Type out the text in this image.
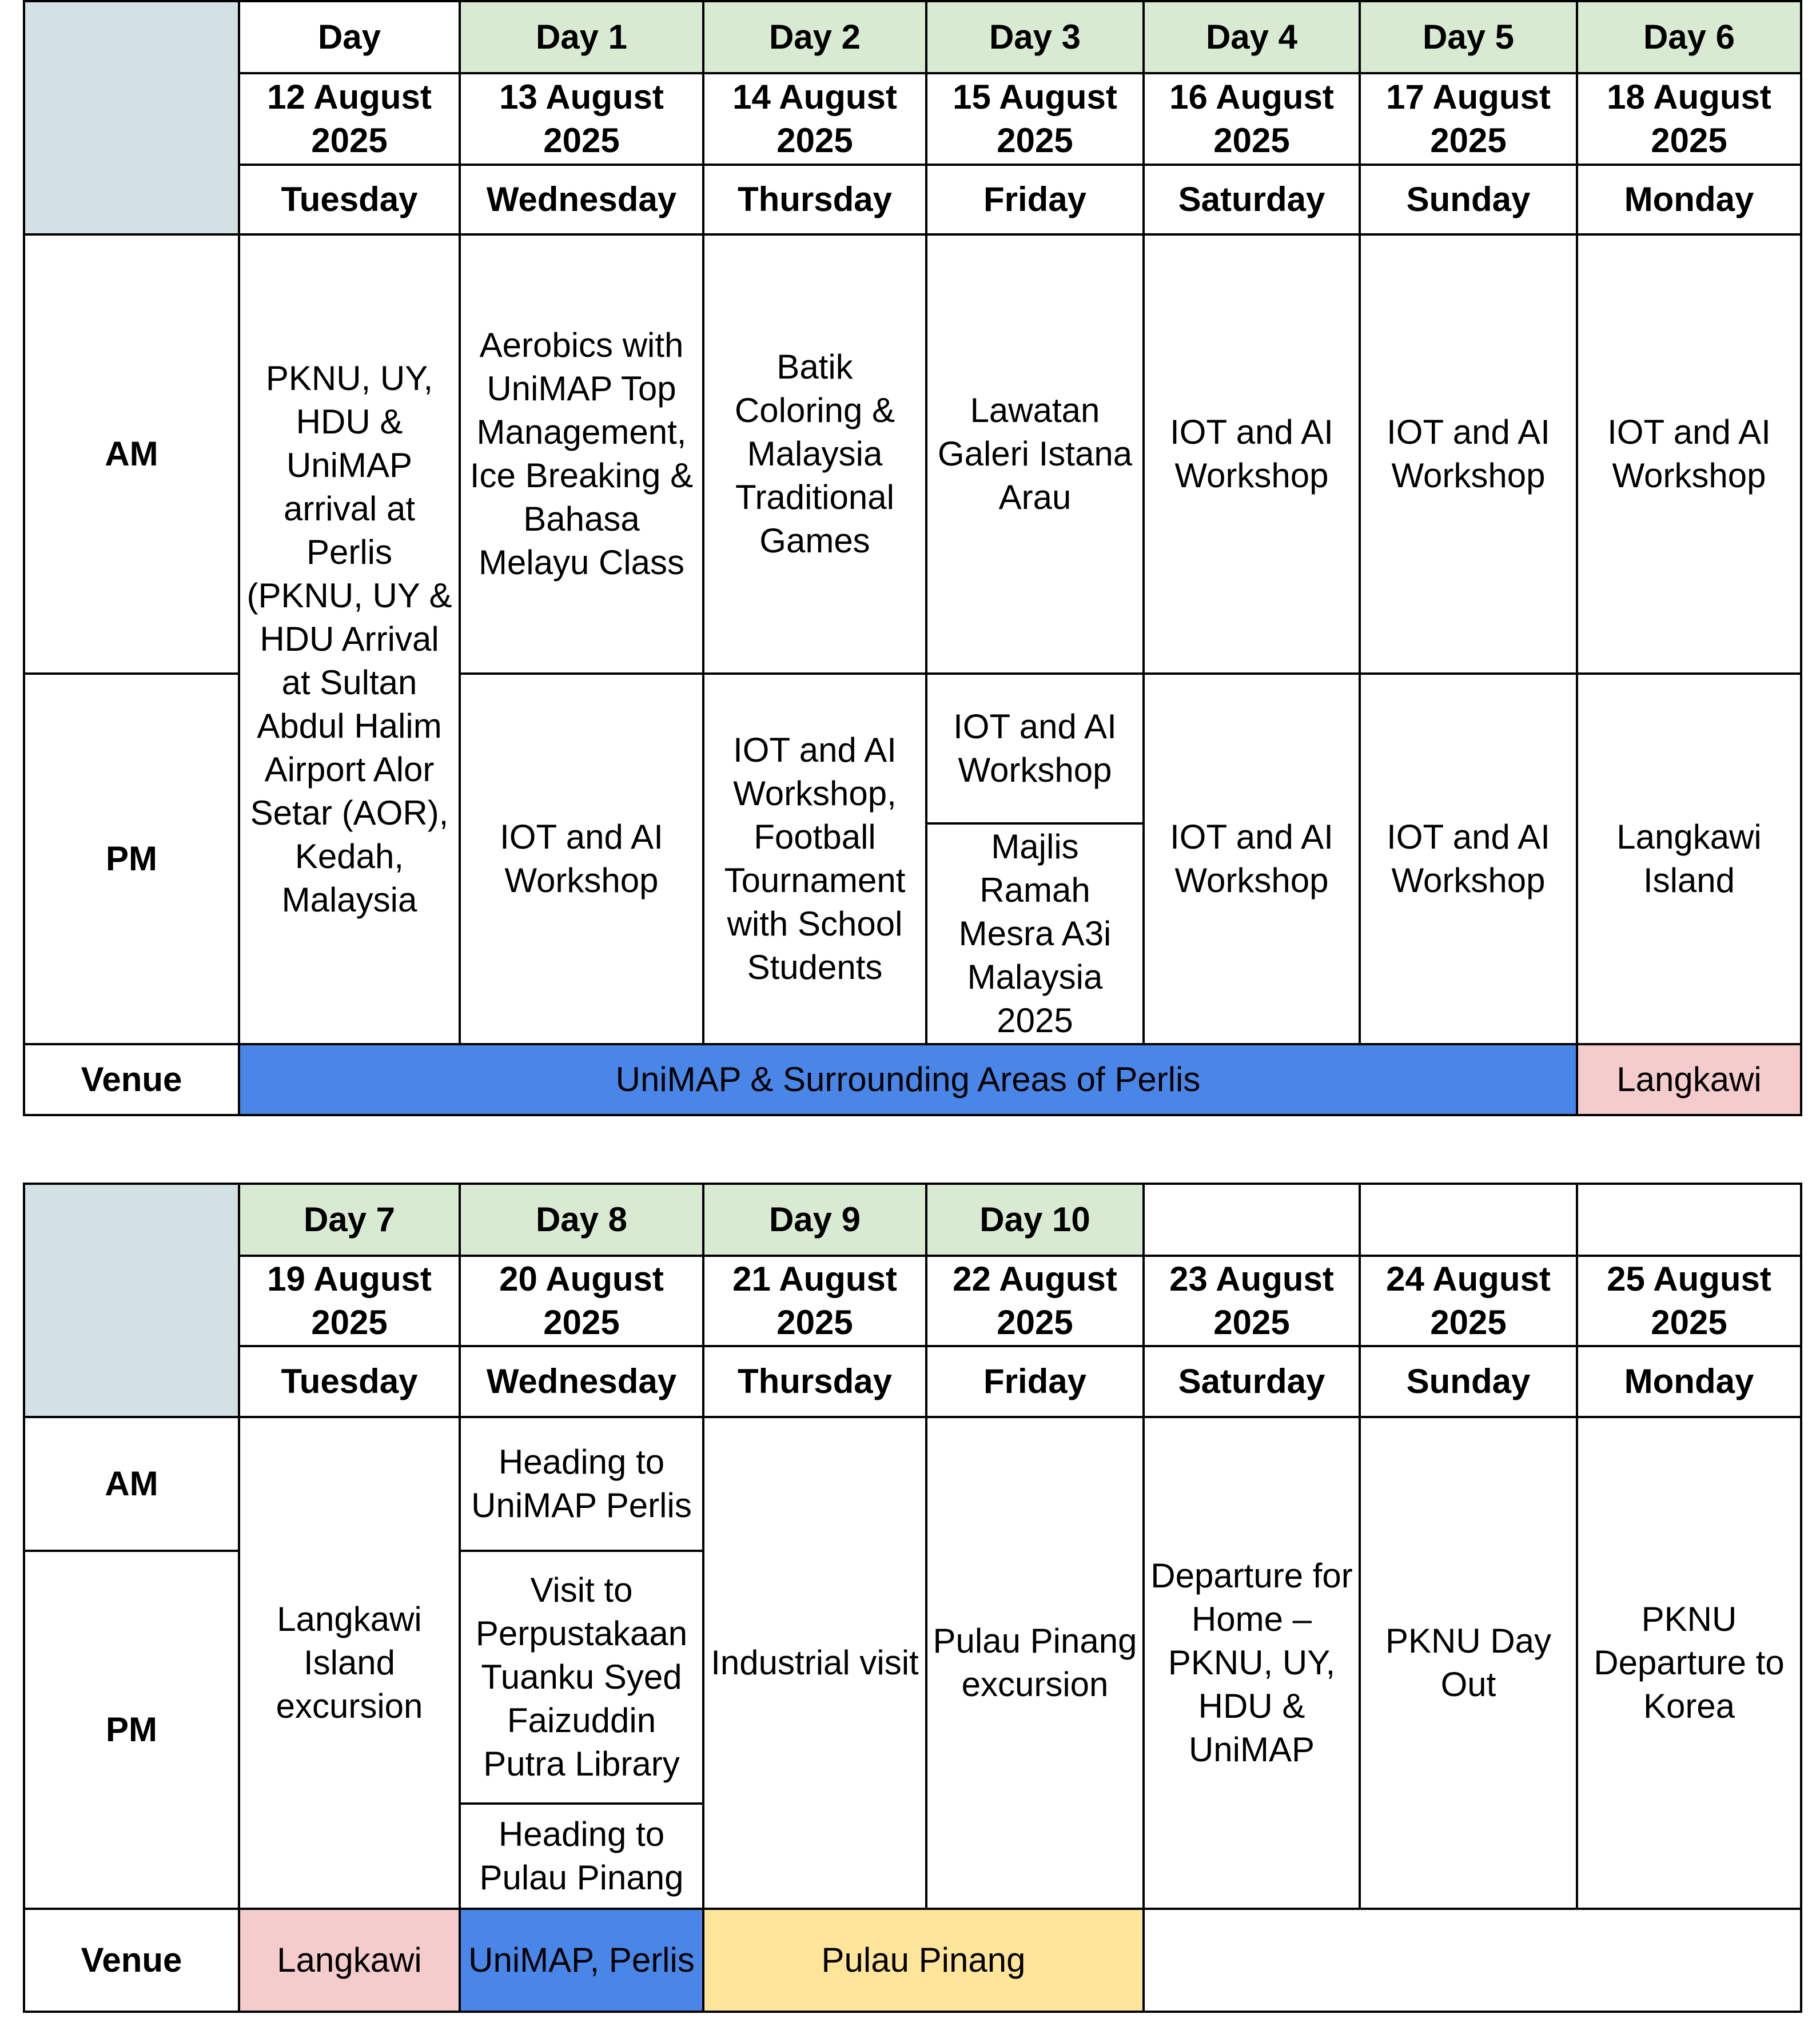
	Day	Day 1	Day 2	Day 3	Day 4	Day 5	Day 6
	12 August 2025	13 August 2025	14 August 2025	15 August 2025	16 August 2025	17 August 2025	18 August 2025
	Tuesday	Wednesday	Thursday	Friday	Saturday	Sunday	Monday
AM	PKNU, UY, HDU & UniMAP arrival at Perlis (PKNU, UY & HDU Arrival at Sultan Abdul Halim Airport Alor Setar (AOR), Kedah, Malaysia	Aerobics with UniMAP Top Management, Ice Breaking & Bahasa Melayu Class	Batik Coloring & Malaysia Traditional Games	Lawatan Galeri Istana Arau	IOT and AI Workshop	IOT and AI Workshop	IOT and AI Workshop
PM		IOT and AI Workshop	IOT and AI Workshop, Football Tournament with School Students	IOT and AI Workshop	IOT and AI Workshop	IOT and AI Workshop	Langkawi Island
				Majlis Ramah Mesra A3i Malaysia 2025			
Venue	UniMAP & Surrounding Areas of Perlis						Langkawi
	Day 7	Day 8	Day 9	Day 10			
	19 August 2025	20 August 2025	21 August 2025	22 August 2025	23 August 2025	24 August 2025	25 August 2025
	Tuesday	Wednesday	Thursday	Friday	Saturday	Sunday	Monday
AM	Langkawi Island excursion	Heading to UniMAP Perlis	Industrial visit	Pulau Pinang excursion	Departure for Home – PKNU, UY, HDU & UniMAP	PKNU Day Out	PKNU Departure to Korea
PM		Visit to Perpustakaan Tuanku Syed Faizuddin Putra Library					
		Heading to Pulau Pinang					
Venue	Langkawi	UniMAP, Perlis	Pulau Pinang				
